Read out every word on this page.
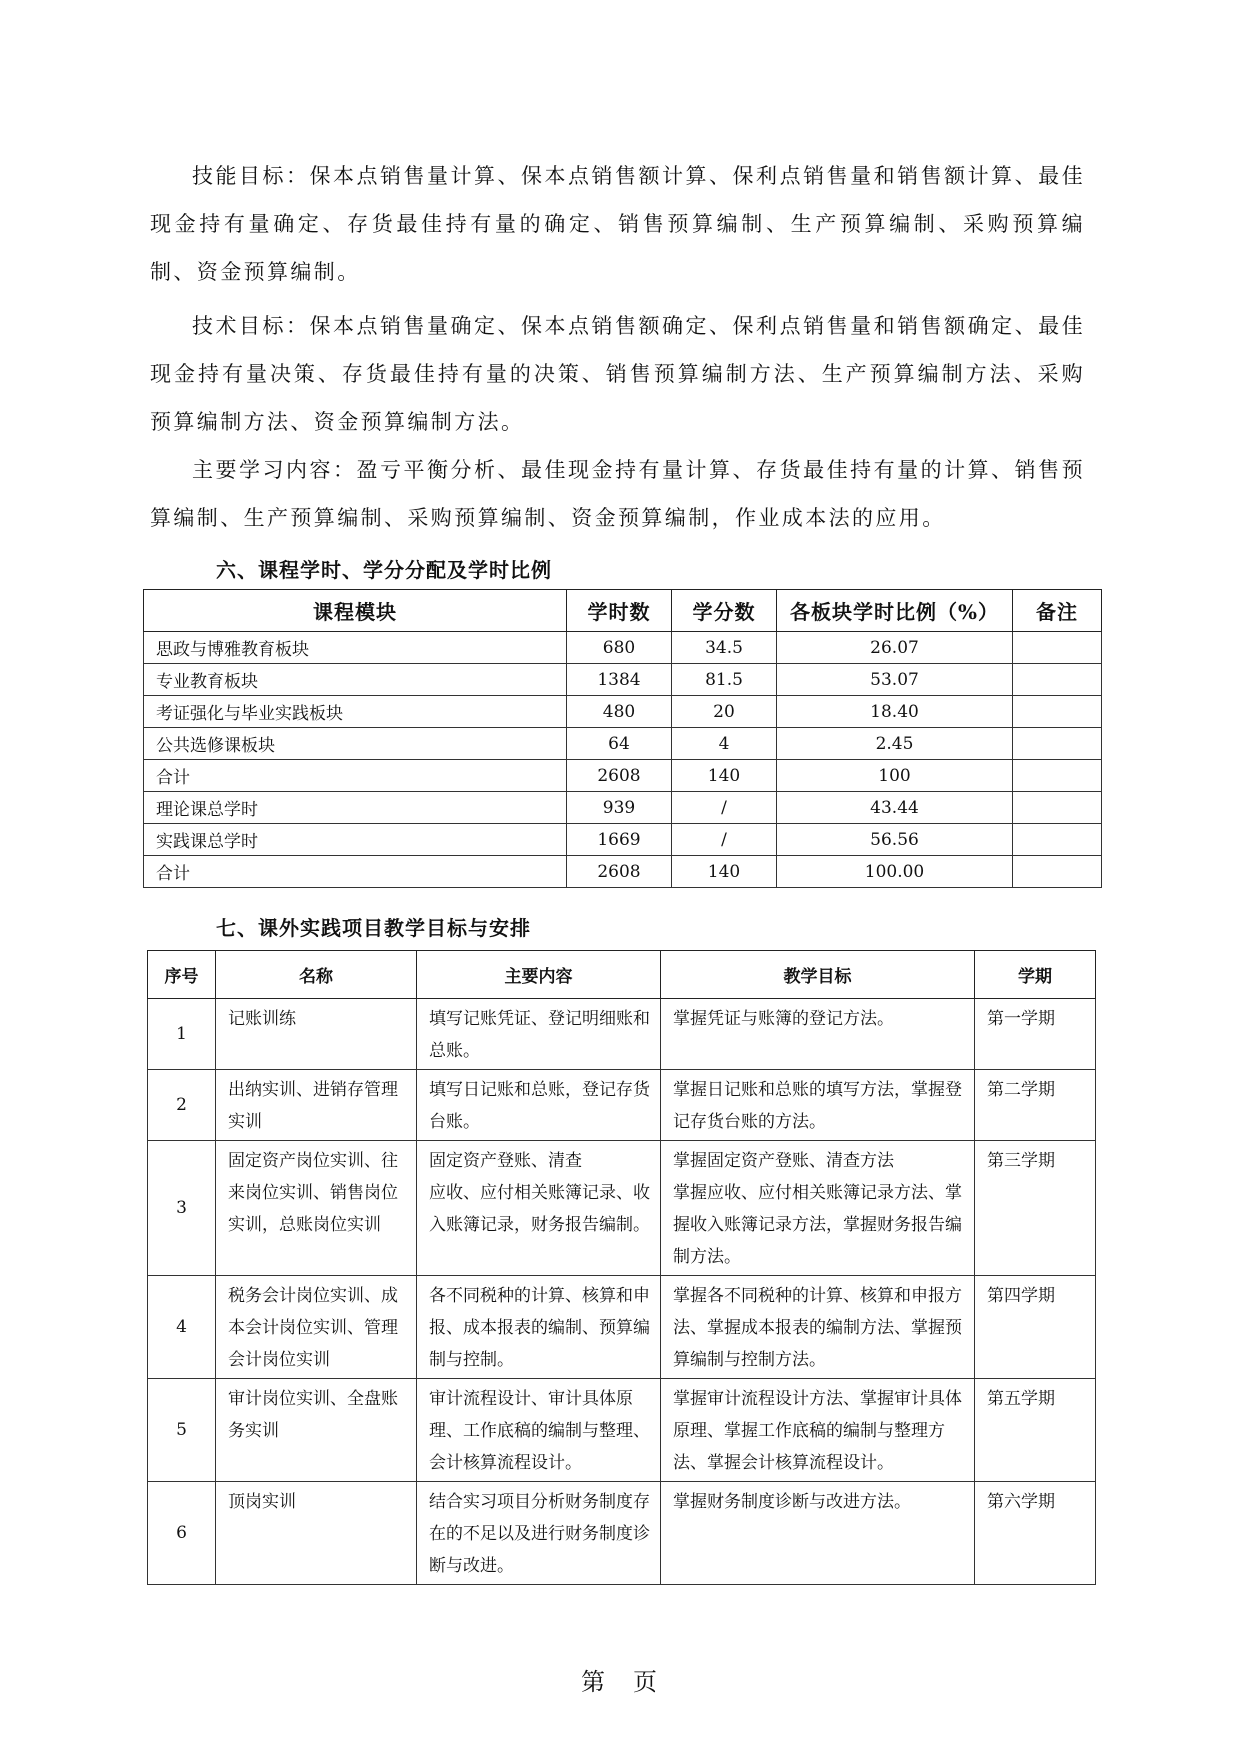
技能目标：保本点销售量计算、保本点销售额计算、保利点销售量和销售额计算、最佳现金持有量确定、存货最佳持有量的确定、销售预算编制、生产预算编制、采购预算编制、资金预算编制。

技术目标：保本点销售量确定、保本点销售额确定、保利点销售量和销售额确定、最佳现金持有量决策、存货最佳持有量的决策、销售预算编制方法、生产预算编制方法、采购预算编制方法、资金预算编制方法。

主要学习内容：盈亏平衡分析、最佳现金持有量计算、存货最佳持有量的计算、销售预算编制、生产预算编制、采购预算编制、资金预算编制，作业成本法的应用。

六、课程学时、学分分配及学时比例
课程模块	学时数	学分数	各板块学时比例（%）	备注
思政与博雅教育板块	680	34.5	26.07	
专业教育板块	1384	81.5	53.07	
考证强化与毕业实践板块	480	20	18.40	
公共选修课板块	64	4	2.45	
合计	2608	140	100	
理论课总学时	939	/	43.44	
实践课总学时	1669	/	56.56	
合计	2608	140	100.00	
七、课外实践项目教学目标与安排
序号	名称	主要内容	教学目标	学期
1	记账训练	填写记账凭证、登记明细账和总账。	掌握凭证与账簿的登记方法。	第一学期
2	出纳实训、进销存管理实训	填写日记账和总账，登记存货台账。	掌握日记账和总账的填写方法，掌握登记存货台账的方法。	第二学期
3	固定资产岗位实训、往来岗位实训、销售岗位实训，总账岗位实训	固定资产登账、清查
应收、应付相关账簿记录、收入账簿记录，财务报告编制。	掌握固定资产登账、清查方法
掌握应收、应付相关账簿记录方法、掌握收入账簿记录方法，掌握财务报告编制方法。	第三学期
4	税务会计岗位实训、成本会计岗位实训、管理会计岗位实训	各不同税种的计算、核算和申报、成本报表的编制、预算编制与控制。	掌握各不同税种的计算、核算和申报方法、掌握成本报表的编制方法、掌握预算编制与控制方法。	第四学期
5	审计岗位实训、全盘账务实训	审计流程设计、审计具体原理、工作底稿的编制与整理、会计核算流程设计。	掌握审计流程设计方法、掌握审计具体原理、掌握工作底稿的编制与整理方法、掌握会计核算流程设计。	第五学期
6	顶岗实训	结合实习项目分析财务制度存在的不足以及进行财务制度诊断与改进。	掌握财务制度诊断与改进方法。	第六学期
第　页
